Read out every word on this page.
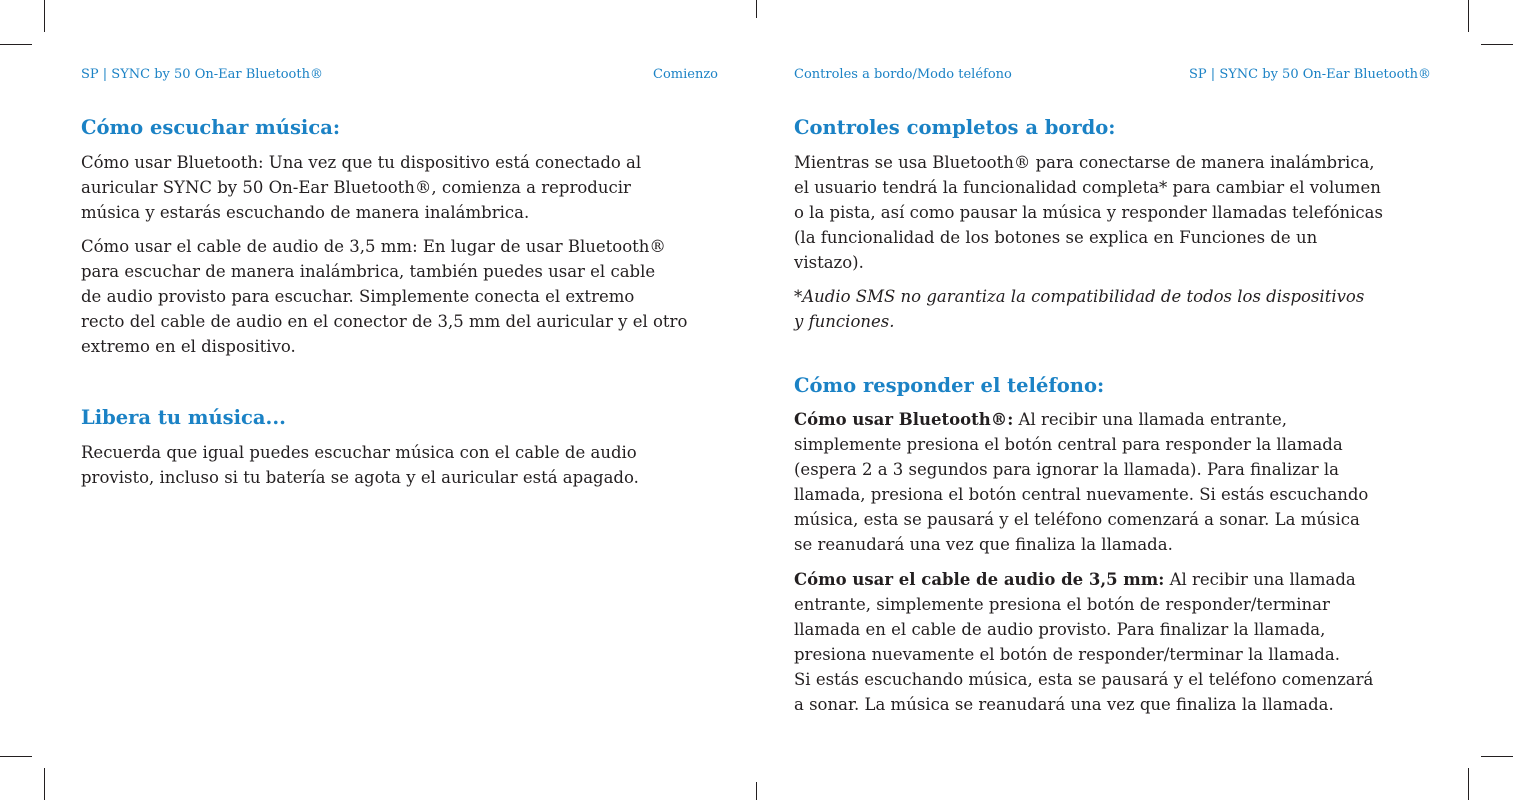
SP | SYNC by 50 On-Ear Bluetooth®	Comienzo
Cómo escuchar música:
Cómo usar Bluetooth: Una vez que tu dispositivo está conectado al
auricular SYNC by 50 On-Ear Bluetooth®, comienza a reproducir
música y estarás escuchando de manera inalámbrica.
Cómo usar el cable de audio de 3,5 mm: En lugar de usar Bluetooth®
para escuchar de manera inalámbrica, también puedes usar el cable
de audio provisto para escuchar. Simplemente conecta el extremo
recto del cable de audio en el conector de 3,5 mm del auricular y el otro
extremo en el dispositivo.
Libera tu música...
Recuerda que igual puedes escuchar música con el cable de audio
provisto, incluso si tu batería se agota y el auricular está apagado.
Controles a bordo/Modo teléfono	SP | SYNC by 50 On-Ear Bluetooth®
Controles completos a bordo:
Mientras se usa Bluetooth® para conectarse de manera inalámbrica,
el usuario tendrá la funcionalidad completa* para cambiar el volumen
o la pista, así como pausar la música y responder llamadas telefónicas
(la funcionalidad de los botones se explica en Funciones de un
vistazo).
*Audio SMS no garantiza la compatibilidad de todos los dispositivos
y funciones.
Cómo responder el teléfono:
Cómo usar Bluetooth®: Al recibir una llamada entrante,
simplemente presiona el botón central para responder la llamada
(espera 2 a 3 segundos para ignorar la llamada). Para finalizar la
llamada, presiona el botón central nuevamente. Si estás escuchando
música, esta se pausará y el teléfono comenzará a sonar. La música
se reanudará una vez que finaliza la llamada.
Cómo usar el cable de audio de 3,5 mm: Al recibir una llamada
entrante, simplemente presiona el botón de responder/terminar
llamada en el cable de audio provisto. Para finalizar la llamada,
presiona nuevamente el botón de responder/terminar la llamada.
Si estás escuchando música, esta se pausará y el teléfono comenzará
a sonar. La música se reanudará una vez que finaliza la llamada.
